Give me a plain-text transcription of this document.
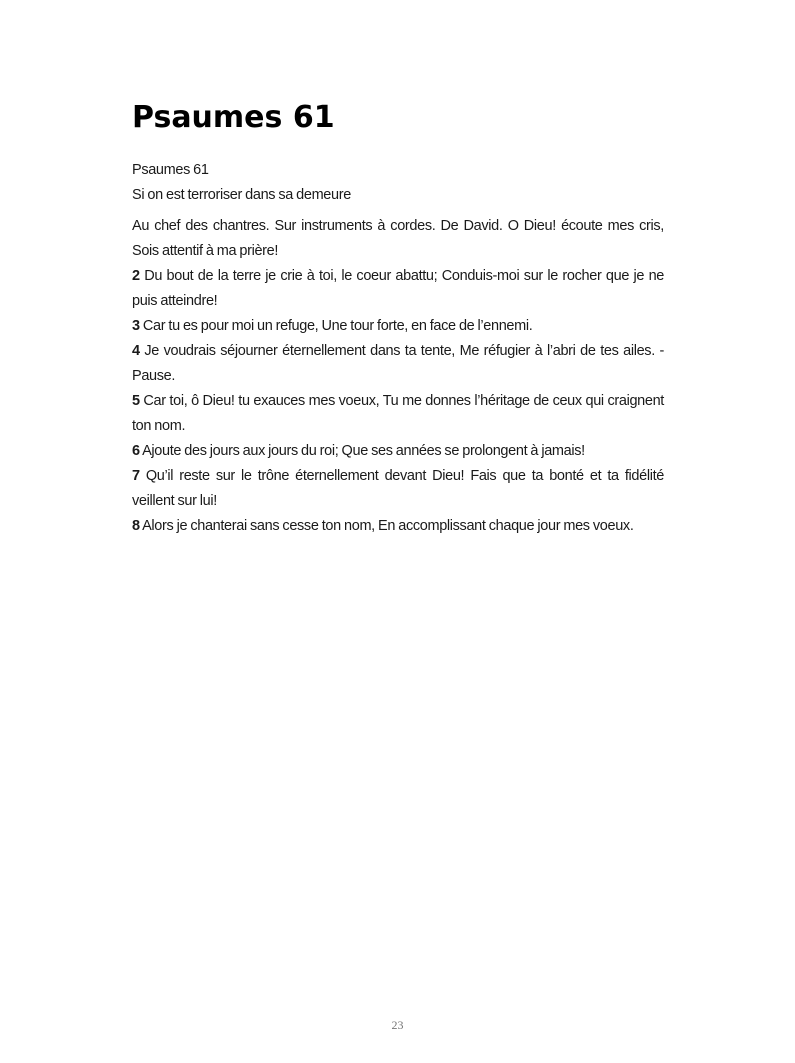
Psaumes 61

Psaumes 61

Si on est terroriser dans sa demeure

Au chef des chantres. Sur instruments à cordes. De David. O Dieu! écoute mes cris, Sois attentif à ma prière!

2 Du bout de la terre je crie à toi, le coeur abattu; Conduis-moi sur le rocher que je ne puis atteindre!

3 Car tu es pour moi un refuge, Une tour forte, en face de l’ennemi.

4 Je voudrais séjourner éternellement dans ta tente, Me réfugier à l’abri de tes ailes. -Pause.

5 Car toi, ô Dieu! tu exauces mes voeux, Tu me donnes l’héritage de ceux qui craignent ton nom.

6 Ajoute des jours aux jours du roi; Que ses années se prolongent à jamais!

7 Qu’il reste sur le trône éternellement devant Dieu! Fais que ta bonté et ta fidélité veillent sur lui!

8 Alors je chanterai sans cesse ton nom, En accomplissant chaque jour mes voeux.

23
